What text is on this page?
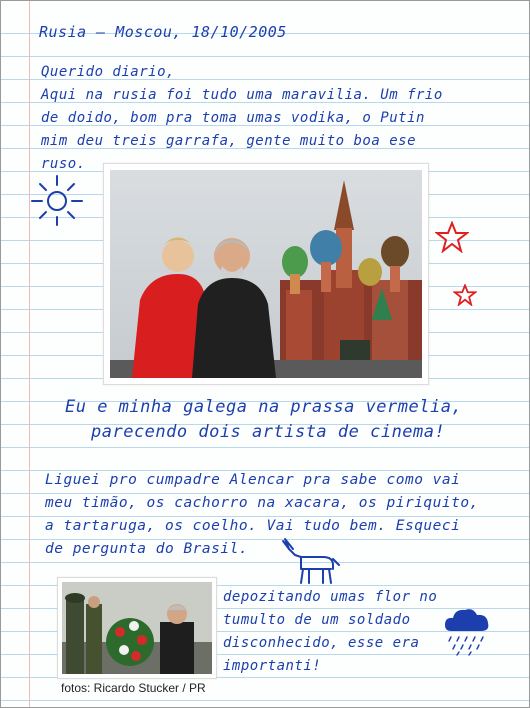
Rusia – Moscou, 18/10/2005
Querido diario,
Aqui na rusia foi tudo uma maravilia. Um frio
de doido, bom pra toma umas vodika, o Putin
mim deu treis garrafa, gente muito boa ese
ruso.
Eu e minha galega na prassa vermelia,
parecendo dois artista de cinema!
Liguei pro cumpadre Alencar pra sabe como vai
meu timão, os cachorro na xacara, os piriquito,
a tartaruga, os coelho. Vai tudo bem. Esqueci
de pergunta do Brasil.
depozitando umas flor no
tumulto de um soldado
disconhecido, esse era
importanti!
fotos: Ricardo Stucker / PR
